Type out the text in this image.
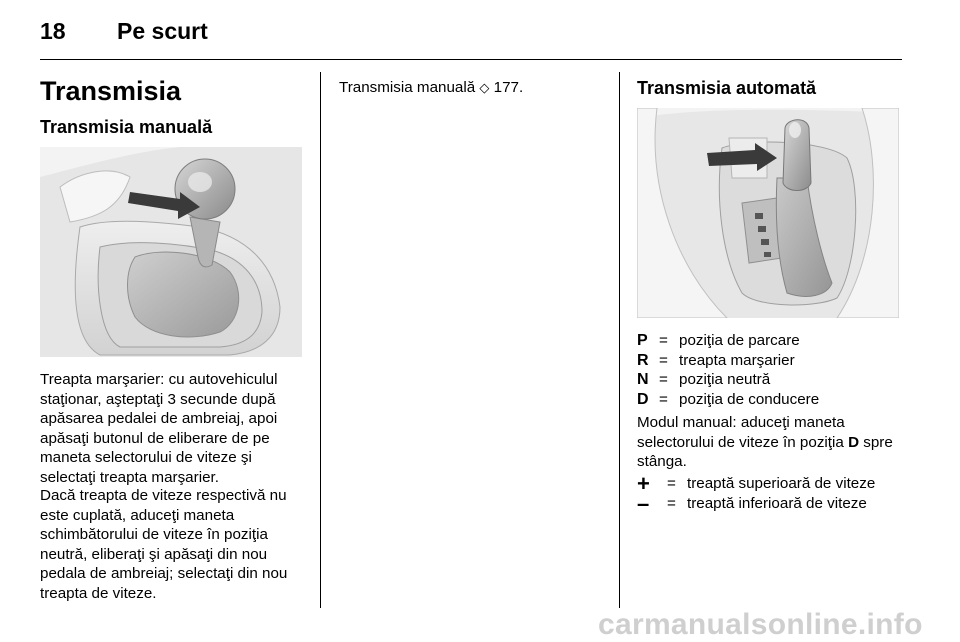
18 Pe scurt
Transmisia
Transmisia manuală
Treapta marşarier: cu autovehiculul staţionar, aşteptaţi 3 secunde după apăsarea pedalei de ambreiaj, apoi apăsaţi butonul de eliberare de pe maneta selectorului de viteze şi selectaţi treapta marşarier.
Dacă treapta de viteze respectivă nu este cuplată, aduceţi maneta schimbătorului de viteze în poziţia neutră, eliberaţi şi apăsaţi din nou pedala de ambreiaj; selectaţi din nou treapta de viteze.
Transmisia manuală ◇ 177.	Transmisia automată
P = poziţia de parcare
R = treapta marşarier
N = poziţia neutră
D = poziţia de conducere
Modul manual: aduceţi maneta selectorului de viteze în poziţia D spre stânga.
+	= treaptă superioară de viteze
–	= treaptă inferioară de viteze
carmanualsonline.info
